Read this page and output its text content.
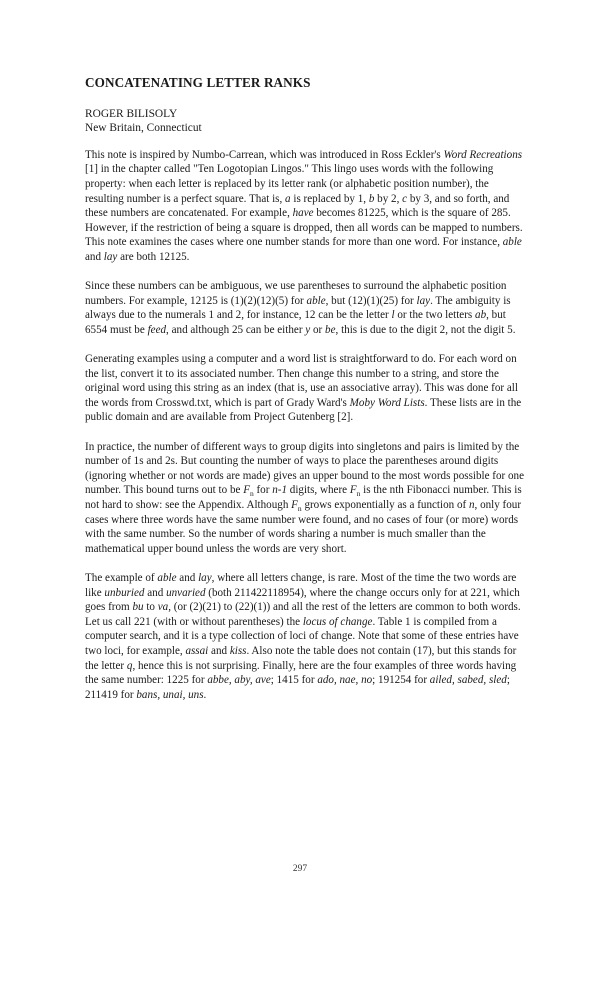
CONCATENATING LETTER RANKS
ROGER BILISOLY
New Britain, Connecticut

This note is inspired by Numbo-Carrean, which was introduced in Ross Eckler's Word Recreations [1] in the chapter called "Ten Logotopian Lingos." This lingo uses words with the following property: when each letter is replaced by its letter rank (or alphabetic position number), the resulting number is a perfect square. That is, a is replaced by 1, b by 2, c by 3, and so forth, and these numbers are concatenated. For example, have becomes 81225, which is the square of 285. However, if the restriction of being a square is dropped, then all words can be mapped to numbers. This note examines the cases where one number stands for more than one word. For instance, able and lay are both 12125.

Since these numbers can be ambiguous, we use parentheses to surround the alphabetic position numbers. For example, 12125 is (1)(2)(12)(5) for able, but (12)(1)(25) for lay. The ambiguity is always due to the numerals 1 and 2, for instance, 12 can be the letter l or the two letters ab, but 6554 must be feed, and although 25 can be either y or be, this is due to the digit 2, not the digit 5.

Generating examples using a computer and a word list is straightforward to do. For each word on the list, convert it to its associated number. Then change this number to a string, and store the original word using this string as an index (that is, use an associative array). This was done for all the words from Crosswd.txt, which is part of Grady Ward's Moby Word Lists. These lists are in the public domain and are available from Project Gutenberg [2].

In practice, the number of different ways to group digits into singletons and pairs is limited by the number of 1s and 2s. But counting the number of ways to place the parentheses around digits (ignoring whether or not words are made) gives an upper bound to the most words possible for one number. This bound turns out to be $F_n$ for n-1 digits, where $F_n$ is the nth Fibonacci number. This is not hard to show: see the Appendix. Although $F_n$ grows exponentially as a function of n, only four cases where three words have the same number were found, and no cases of four (or more) words with the same number. So the number of words sharing a number is much smaller than the mathematical upper bound unless the words are very short.

The example of able and lay, where all letters change, is rare. Most of the time the two words are like unburied and unvaried (both 211422118954), where the change occurs only for at 221, which goes from bu to va, (or (2)(21) to (22)(1)) and all the rest of the letters are common to both words. Let us call 221 (with or without parentheses) the locus of change. Table 1 is compiled from a computer search, and it is a type collection of loci of change. Note that some of these entries have two loci, for example, assai and kiss. Also note the table does not contain (17), but this stands for the letter q, hence this is not surprising. Finally, here are the four examples of three words having the same number: 1225 for abbe, aby, ave; 1415 for ado, nae, no; 191254 for ailed, sabed, sled; 211419 for bans, unai, uns.

297
